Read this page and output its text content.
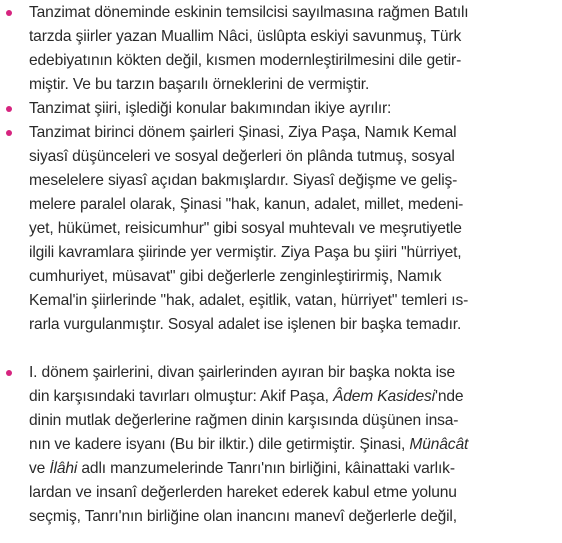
Tanzimat döneminde eskinin temsilcisi sayılmasına rağmen Batılı
tarzda şiirler yazan Muallim Nâci, üslûpta eskiyi savunmuş, Türk
edebiyatının kökten değil, kısmen modernleştirilmesini dile getir-
miştir. Ve bu tarzın başarılı örneklerini de vermiştir.
Tanzimat şiiri, işlediği konular bakımından ikiye ayrılır:
Tanzimat birinci dönem şairleri Şinasi, Ziya Paşa, Namık Kemal
siyasî düşünceleri ve sosyal değerleri ön plânda tutmuş, sosyal
meselelere siyasî açıdan bakmışlardır. Siyasî değişme ve geliş-
melere paralel olarak, Şinasi "hak, kanun, adalet, millet, medeni-
yet, hükümet, reisicumhur" gibi sosyal muhtevalı ve meşrutiyetle
ilgili kavramlara şiirinde yer vermiştir. Ziya Paşa bu şiiri "hürriyet,
cumhuriyet, müsavat" gibi değerlerle zenginleştirirmiş, Namık
Kemal'in şiirlerinde "hak, adalet, eşitlik, vatan, hürriyet" temleri ıs-
rarla vurgulanmıştır. Sosyal adalet ise işlenen bir başka temadır.
I. dönem şairlerini, divan şairlerinden ayıran bir başka nokta ise
din karşısındaki tavırları olmuştur: Akif Paşa, Âdem Kasidesi'nde
dinin mutlak değerlerine rağmen dinin karşısında düşünen insa-
nın ve kadere isyanı (Bu bir ilktir.) dile getirmiştir. Şinasi, Münâcât
ve İlâhi adlı manzumelerinde Tanrı'nın birliğini, kâinattaki varlık-
lardan ve insanî değerlerden hareket ederek kabul etme yolunu
seçmiş, Tanrı'nın birliğine olan inancını manevî değerlerle değil,
